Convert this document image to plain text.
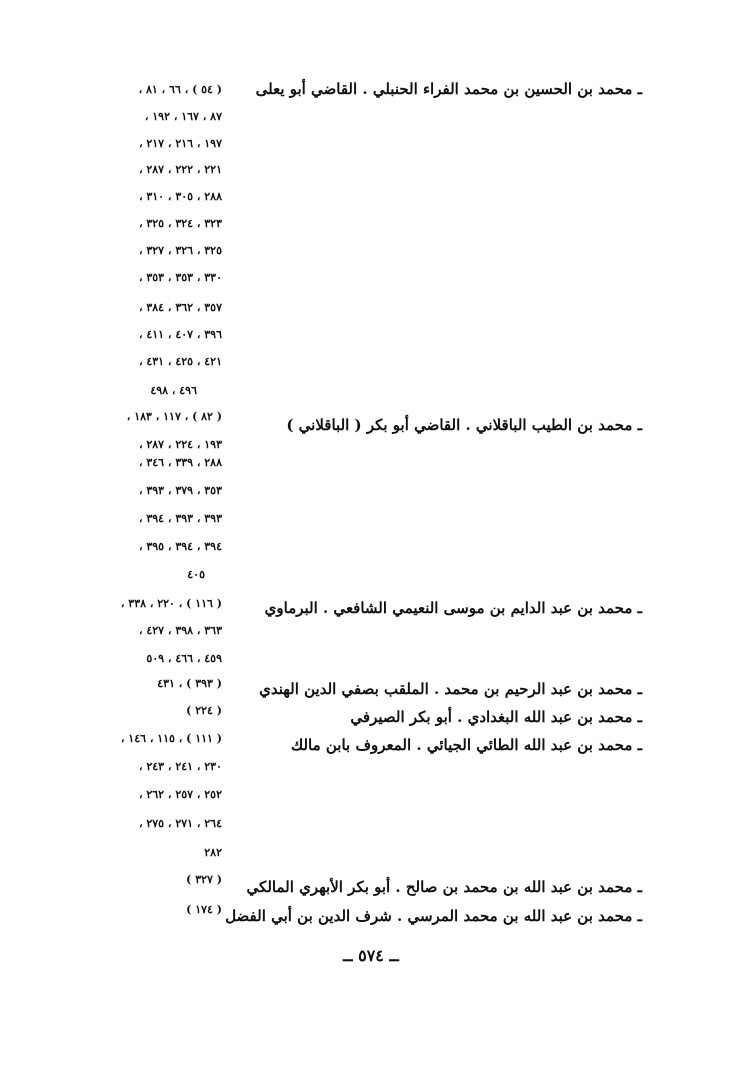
ـ محمد بن الحسين بن محمد الفراء الحنبلي . القاضي أبو يعلى
( ٥٤ ) ، ٦٦ ، ٨١ ،
٨٧ ، ١٦٧ ، ١٩٢ ،
١٩٧ ، ٢١٦ ، ٢١٧ ،
٢٢١ ، ٢٢٢ ، ٢٨٧ ،
٢٨٨ ، ٣٠٥ ، ٣١٠ ،
٣٢٣ ، ٣٢٤ ، ٣٢٥ ،
٣٢٥ ، ٣٢٦ ، ٣٢٧ ،
٣٣٠ ، ٣٥٣ ، ٣٥٣ ،
٣٥٧ ، ٣٦٢ ، ٣٨٤ ،
٣٩٦ ، ٤٠٧ ، ٤١١ ،
٤٢١ ، ٤٢٥ ، ٤٣١ ،
٤٩٦ ، ٤٩٨
ـ محمد بن الطيب الباقلاني . القاضي أبو بكر ( الباقلاني )
( ٨٢ ) ، ١١٧ ، ١٨٣ ،
١٩٣ ، ٢٢٤ ، ٢٨٧ ،
٢٨٨ ، ٣٣٩ ، ٣٤٦ ،
٣٥٣ ، ٣٧٩ ، ٣٩٣ ،
٣٩٣ ، ٣٩٣ ، ٣٩٤ ،
٣٩٤ ، ٣٩٤ ، ٣٩٥ ،
٤٠٥
ـ محمد بن عبد الدايم بن موسى النعيمي الشافعي . البرماوي
( ١١٦ ) ، ٢٢٠ ، ٣٣٨ ،
٣٦٣ ، ٣٩٨ ، ٤٢٧ ،
٤٥٩ ، ٤٦٦ ، ٥٠٩
ـ محمد بن عبد الرحيم بن محمد . الملقب بصفي الدين الهندي
( ٣٩٣ ) ، ٤٣١
ـ محمد بن عبد الله البغدادي . أبو بكر الصيرفي
( ٢٢٤ )
ـ محمد بن عبد الله الطائي الجيائي . المعروف بابن مالك
( ١١١ ) ، ١١٥ ، ١٤٦ ،
٢٣٠ ، ٢٤١ ، ٢٤٣ ،
٢٥٢ ، ٢٥٧ ، ٢٦٢ ،
٢٦٤ ، ٢٧١ ، ٢٧٥ ،
٢٨٢
ـ محمد بن عبد الله بن محمد بن صالح . أبو بكر الأبهري المالكي
( ٣٢٧ )
ـ محمد بن عبد الله بن محمد المرسي . شرف الدين بن أبي الفضل
( ١٧٤ )
ــ ٥٧٤ ــ
